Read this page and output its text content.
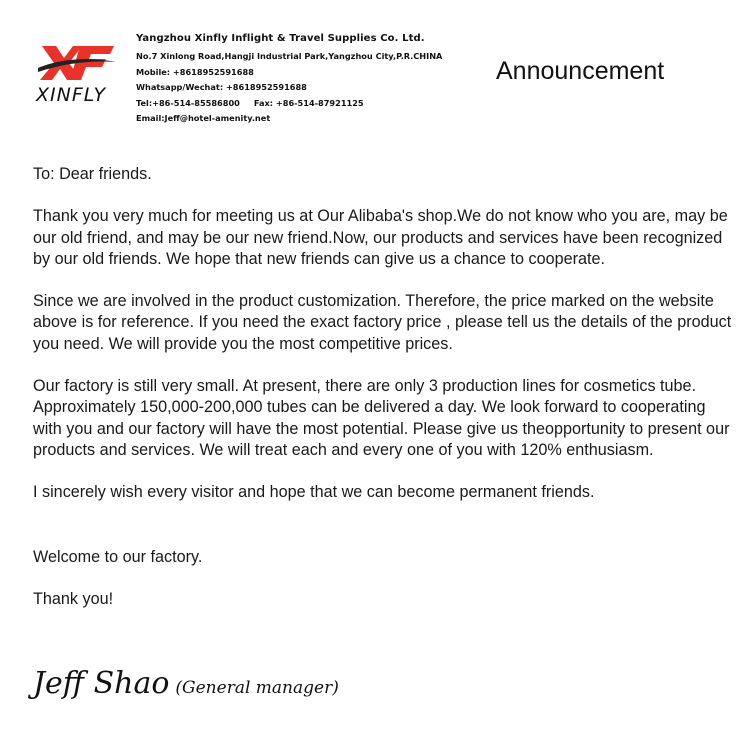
XINFLY
Yangzhou Xinfly Inflight & Travel Supplies Co. Ltd.
No.7 Xinlong Road,Hangji Industrial Park,Yangzhou City,P.R.CHINA
Mobile: +8618952591688
Whatsapp/Wechat: +8618952591688
Tel:+86-514-85586800 Fax: +86-514-87921125
Email:Jeff@hotel-amenity.net
Announcement

To: Dear friends.

Thank you very much for meeting us at Our Alibaba's shop.We do not know who you are, may be our old friend, and may be our new friend.Now, our products and services have been recognized by our old friends. We hope that new friends can give us a chance to cooperate.

Since we are involved in the product customization. Therefore, the price marked on the website above is for reference. If you need the exact factory price , please tell us the details of the product you need. We will provide you the most competitive prices.

Our factory is still very small. At present, there are only 3 production lines for cosmetics tube. Approximately 150,000-200,000 tubes can be delivered a day. We look forward to cooperating with you and our factory will have the most potential. Please give us theopportunity to present our products and services. We will treat each and every one of you with 120% enthusiasm.

I sincerely wish every visitor and hope that we can become permanent friends.

Welcome to our factory.

Thank you!

Jeff Shao (General manager)
